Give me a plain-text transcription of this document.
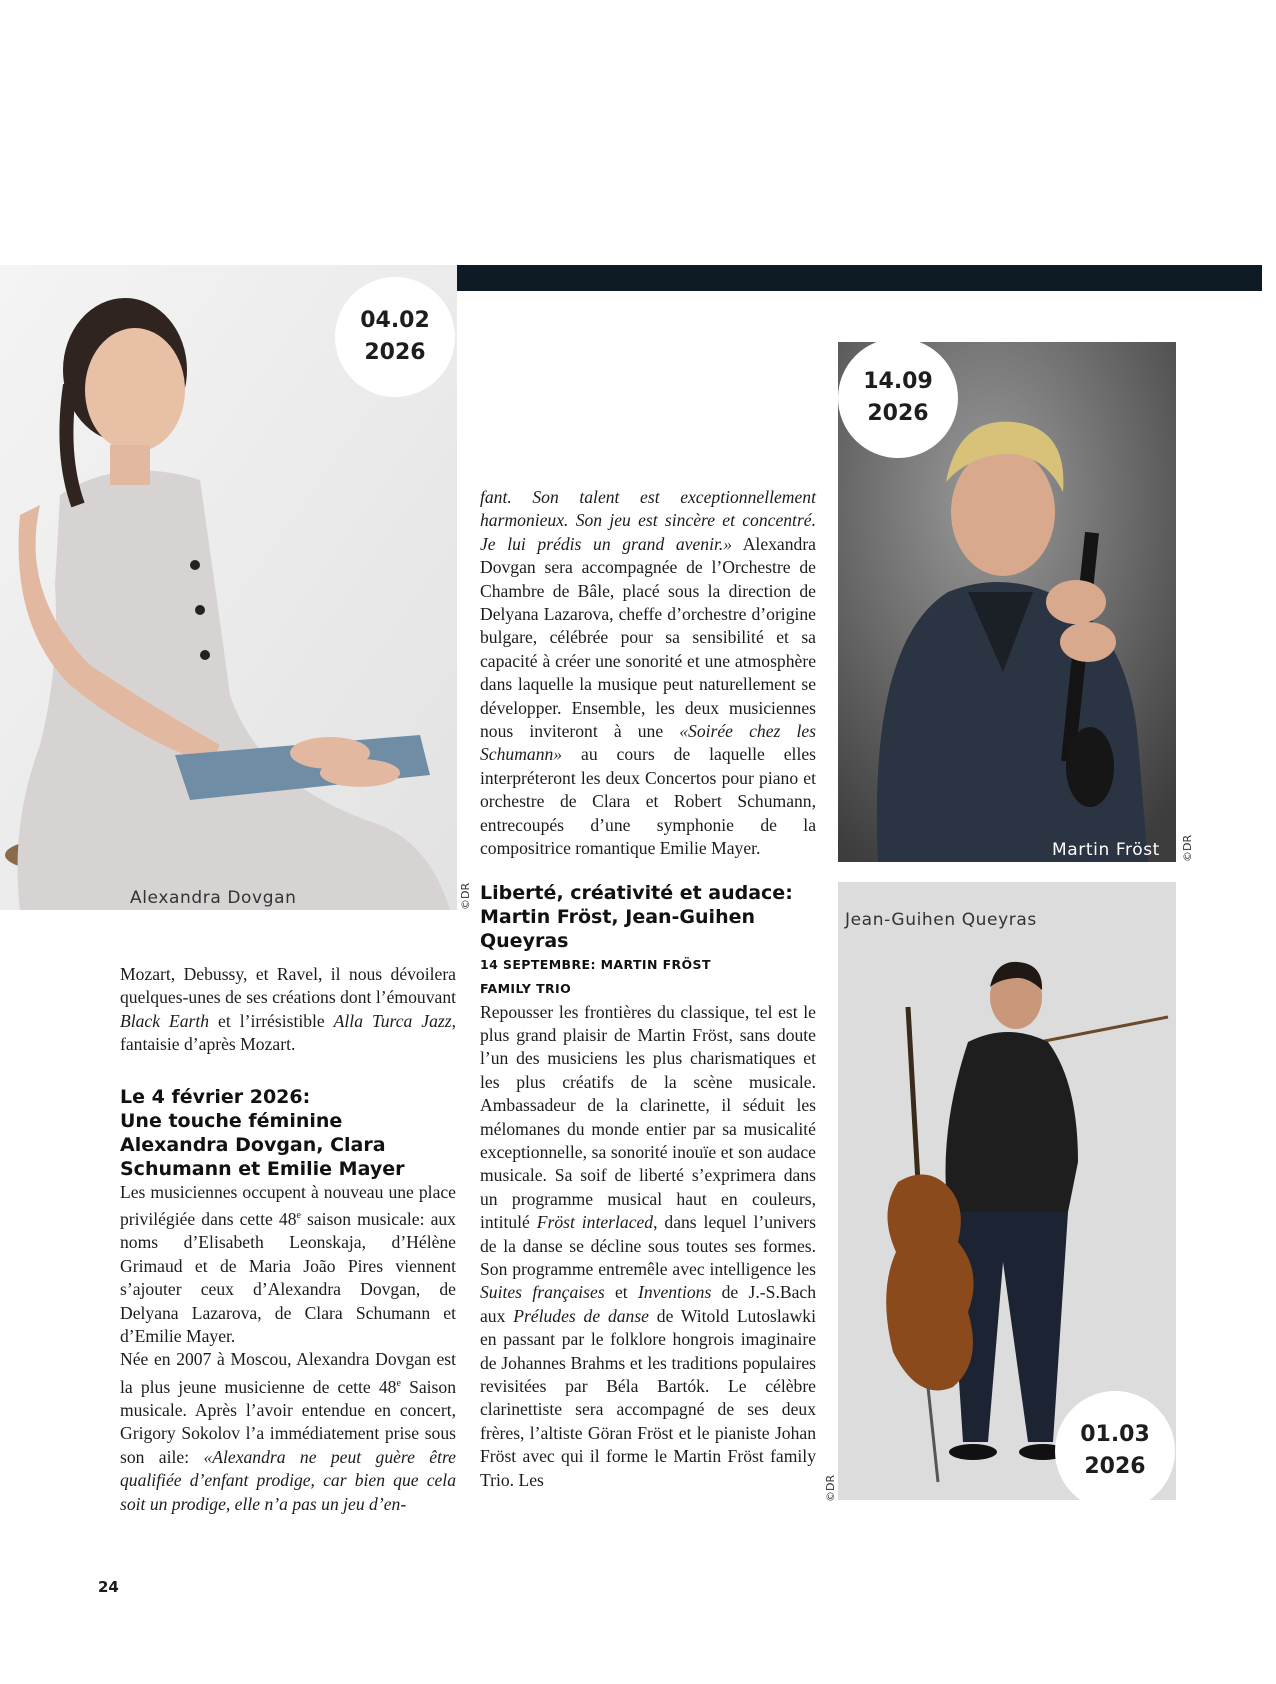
04.02
2026
Alexandra Dovgan	©DR
14.09
2026
Martin Fröst ©DR
Jean-Guihen Queyras
01.03
2026
©DR

Mozart, Debussy, et Ravel, il nous dévoilera quelques-unes de ses créations dont l’émouvant Black Earth et l’irrésistible Alla Turca Jazz, fantaisie d’après Mozart.

Le 4 février 2026:

Une touche féminine

Alexandra Dovgan, Clara

Schumann et Emilie Mayer

Les musiciennes occupent à nouveau une place privilégiée dans cette 48e saison musicale: aux noms d’Elisabeth Leonskaja, d’Hélène Grimaud et de Maria João Pires viennent s’ajouter ceux d’Alexandra Dovgan, de Delyana Lazarova, de Clara Schumann et d’Emilie Mayer.

Née en 2007 à Moscou, Alexandra Dovgan est la plus jeune musicienne de cette 48e Saison musicale. Après l’avoir entendue en concert, Grigory Sokolov l’a immédiatement prise sous son aile: «Alexandra ne peut guère être qualifiée d’enfant prodige, car bien que cela soit un prodige, elle n’a pas un jeu d’en-

fant. Son talent est exceptionnellement harmonieux. Son jeu est sincère et concentré. Je lui prédis un grand avenir.» Alexandra Dovgan sera accompagnée de l’Orchestre de Chambre de Bâle, placé sous la direction de Delyana Lazarova, cheffe d’orchestre d’origine bulgare, célébrée pour sa sensibilité et sa capacité à créer une sonorité et une atmosphère dans laquelle la musique peut naturellement se développer. Ensemble, les deux musiciennes nous inviteront à une «Soirée chez les Schumann» au cours de laquelle elles interpréteront les deux Concertos pour piano et orchestre de Clara et Robert Schumann, entrecoupés d’une symphonie de la compositrice romantique Emilie Mayer.

Liberté, créativité et audace:

Martin Fröst, Jean-Guihen

Queyras

14 SEPTEMBRE: MARTIN FRÖST

FAMILY TRIO

Repousser les frontières du classique, tel est le plus grand plaisir de Martin Fröst, sans doute l’un des musiciens les plus charismatiques et les plus créatifs de la scène musicale. Ambassadeur de la clarinette, il séduit les mélomanes du monde entier par sa musicalité exceptionnelle, sa sonorité inouïe et son audace musicale. Sa soif de liberté s’exprimera dans un programme musical haut en couleurs, intitulé Fröst interlaced, dans lequel l’univers de la danse se décline sous toutes ses formes. Son programme entremêle avec intelligence les Suites françaises et Inventions de J.-S.Bach aux Préludes de danse de Witold Lutoslawki en passant par le folklore hongrois imaginaire de Johannes Brahms et les traditions populaires revisitées par Béla Bartók. Le célèbre clarinettiste sera accompagné de ses deux frères, l’altiste Göran Fröst et le pianiste Johan Fröst avec qui il forme le Martin Fröst family Trio. Les

24
